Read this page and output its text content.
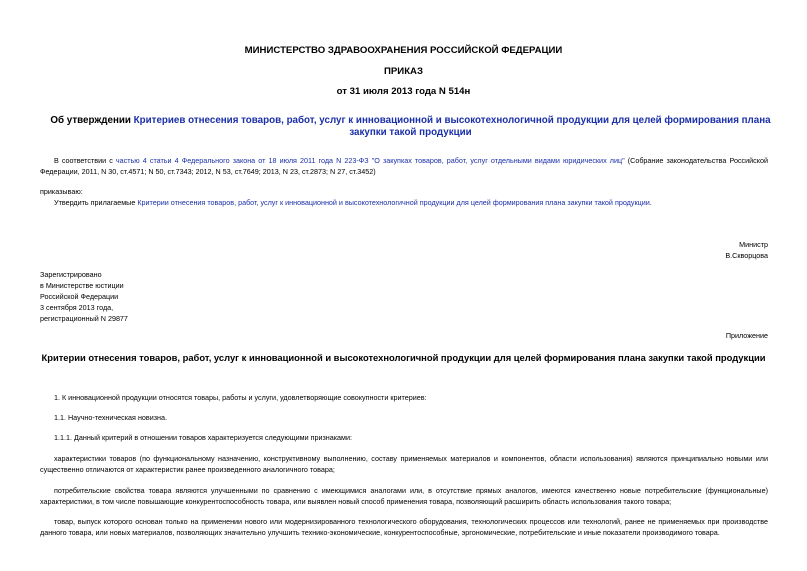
МИНИСТЕРСТВО ЗДРАВООХРАНЕНИЯ РОССИЙСКОЙ ФЕДЕРАЦИИ
ПРИКАЗ
от 31 июля 2013 года N 514н
Об утверждении Критериев отнесения товаров, работ, услуг к инновационной и высокотехнологичной продукции для целей формирования плана закупки такой продукции
В соответствии с частью 4 статьи 4 Федерального закона от 18 июля 2011 года N 223-ФЗ "О закупках товаров, работ, услуг отдельными видами юридических лиц" (Собрание законодательства Российской Федерации, 2011, N 30, ст.4571; N 50, ст.7343; 2012, N 53, ст.7649; 2013, N 23, ст.2873; N 27, ст.3452)
приказываю:
Утвердить прилагаемые Критерии отнесения товаров, работ, услуг к инновационной и высокотехнологичной продукции для целей формирования плана закупки такой продукции.
Министр
В.Скворцова
Зарегистрировано
в Министерстве юстиции
Российской Федерации
3 сентября 2013 года,
регистрационный N 29877
Приложение
Критерии отнесения товаров, работ, услуг к инновационной и высокотехнологичной продукции для целей формирования плана закупки такой продукции
1. К инновационной продукции относятся товары, работы и услуги, удовлетворяющие совокупности критериев:
1.1. Научно-техническая новизна.
1.1.1. Данный критерий в отношении товаров характеризуется следующими признаками:
характеристики товаров (по функциональному назначению, конструктивному выполнению, составу применяемых материалов и компонентов, области использования) являются принципиально новыми или существенно отличаются от характеристик ранее произведенного аналогичного товара;
потребительские свойства товара являются улучшенными по сравнению с имеющимися аналогами или, в отсутствие прямых аналогов, имеются качественно новые потребительские (функциональные) характеристики, в том числе повышающие конкурентоспособность товара, или выявлен новый способ применения товара, позволяющий расширить область использования такого товара;
товар, выпуск которого основан только на применении нового или модернизированного технологического оборудования, технологических процессов или технологий, ранее не применяемых при производстве данного товара, или новых материалов, позволяющих значительно улучшить технико-экономические, конкурентоспособные, эргономические, потребительские и иные показатели производимого товара.
